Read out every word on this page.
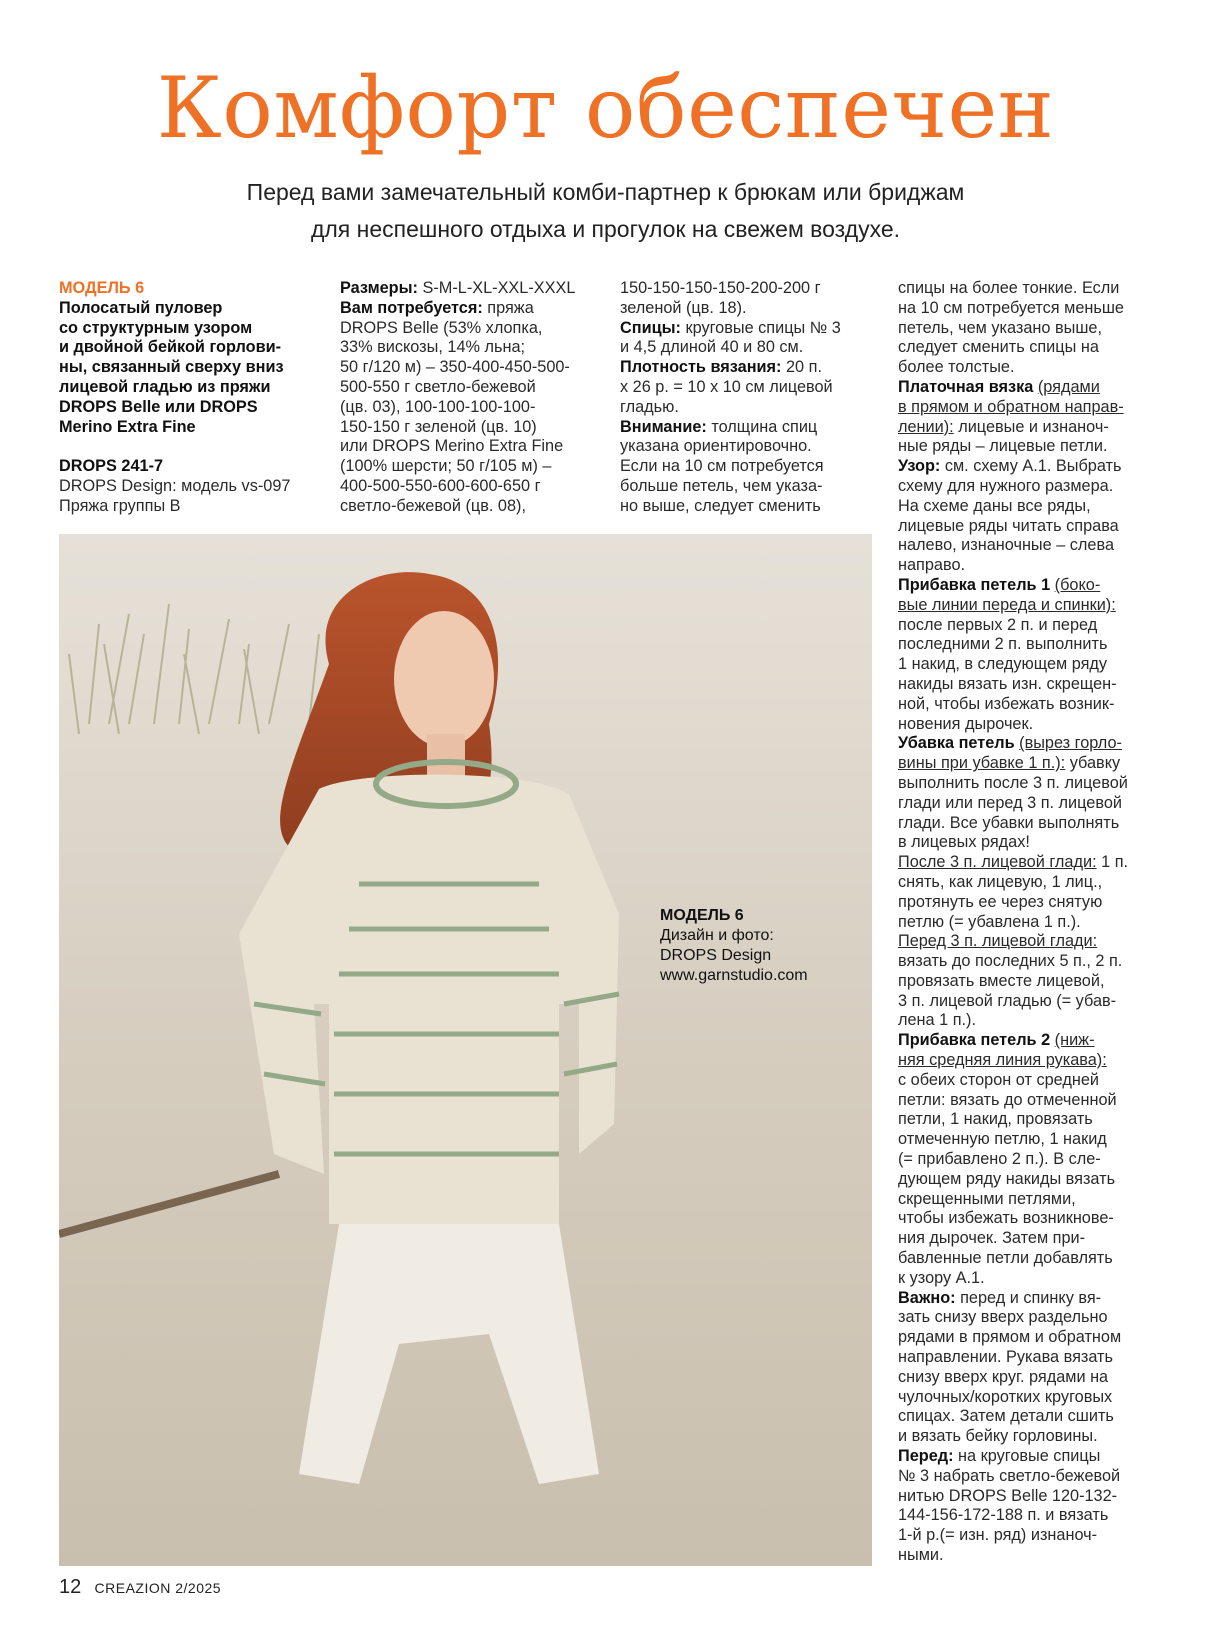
Комфорт обеспечен
Перед вами замечательный комби-партнер к брюкам или бриджам
для неспешного отдыха и прогулок на свежем воздухе.

МОДЕЛЬ 6

Полосатый пуловер

со структурным узором

и двойной бейкой горлови-

ны, связанный сверху вниз

лицевой гладью из пряжи

DROPS Belle или DROPS

Merino Extra Fine

DROPS 241-7

DROPS Design: модель vs-097

Пряжа группы В

Размеры: S-M-L-XL-XXL-XXXL

Вам потребуется: пряжа

DROPS Belle (53% хлопка,

33% вискозы, 14% льна;

50 г/120 м) – 350-400-450-500-

500-550 г светло-бежевой

(цв. 03), 100-100-100-100-

150-150 г зеленой (цв. 10)

или DROPS Merino Extra Fine

(100% шерсти; 50 г/105 м) –

400-500-550-600-600-650 г

светло-бежевой (цв. 08),

150-150-150-150-200-200 г

зеленой (цв. 18).

Спицы: круговые спицы № 3

и 4,5 длиной 40 и 80 см.

Плотность вязания: 20 п.

х 26 р. = 10 х 10 см лицевой

гладью.

Внимание: толщина спиц

указана ориентировочно.

Если на 10 см потребуется

больше петель, чем указа-

но выше, следует сменить

спицы на более тонкие. Если

на 10 см потребуется меньше

петель, чем указано выше,

следует сменить спицы на

более толстые.

Платочная вязка (рядами

в прямом и обратном направ-

лении): лицевые и изнаноч-

ные ряды – лицевые петли.

Узор: см. схему А.1. Выбрать

схему для нужного размера.

На схеме даны все ряды,

лицевые ряды читать справа

налево, изнаночные – слева

направо.

Прибавка петель 1 (боко-

вые линии переда и спинки):

после первых 2 п. и перед

последними 2 п. выполнить

1 накид, в следующем ряду

накиды вязать изн. скрещен-

ной, чтобы избежать возник-

новения дырочек.

Убавка петель (вырез горло-

вины при убавке 1 п.): убавку

выполнить после 3 п. лицевой

глади или перед 3 п. лицевой

глади. Все убавки выполнять

в лицевых рядах!

После 3 п. лицевой глади: 1 п.

снять, как лицевую, 1 лиц.,

протянуть ее через снятую

петлю (= убавлена 1 п.).

Перед 3 п. лицевой глади:

вязать до последних 5 п., 2 п.

провязать вместе лицевой,

3 п. лицевой гладью (= убав-

лена 1 п.).

Прибавка петель 2 (ниж-

няя средняя линия рукава):

с обеих сторон от средней

петли: вязать до отмеченной

петли, 1 накид, провязать

отмеченную петлю, 1 накид

(= прибавлено 2 п.). В сле-

дующем ряду накиды вязать

скрещенными петлями,

чтобы избежать возникнове-

ния дырочек. Затем при-

бавленные петли добавлять

к узору А.1.

Важно: перед и спинку вя-

зать снизу вверх раздельно

рядами в прямом и обратном

направлении. Рукава вязать

снизу вверх круг. рядами на

чулочных/коротких круговых

спицах. Затем детали сшить

и вязать бейку горловины.

Перед: на круговые спицы

№ 3 набрать светло-бежевой

нитью DROPS Belle 120-132-

144-156-172-188 п. и вязать

1-й р.(= изн. ряд) изнаноч-

ными.

МОДЕЛЬ 6
Дизайн и фото:
DROPS Design
www.garnstudio.com
12 CREAZION 2/2025
